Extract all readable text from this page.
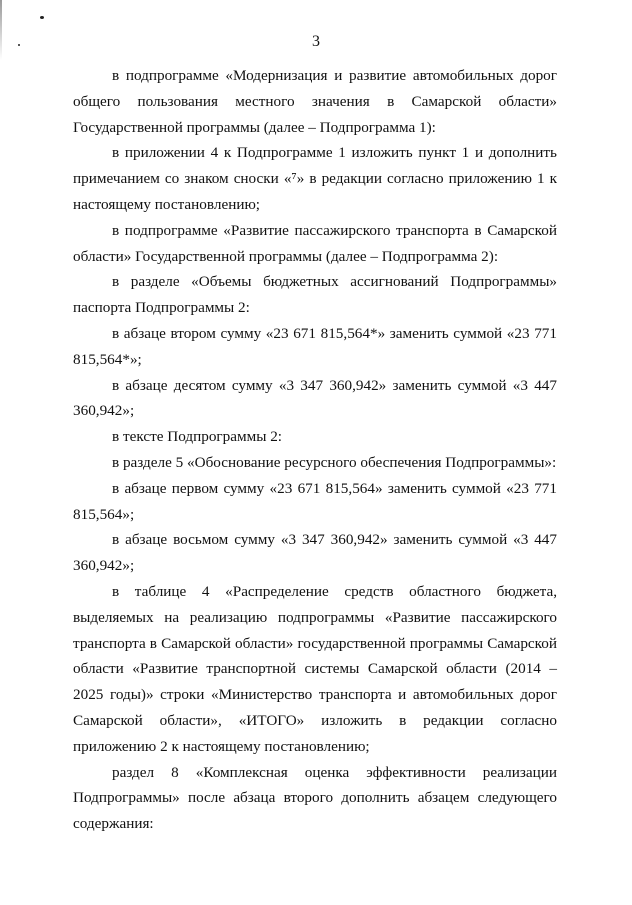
3

в подпрограмме «Модернизация и развитие автомобильных дорог общего пользования местного значения в Самарской области» Государственной программы (далее – Подпрограмма 1):

в приложении 4 к Подпрограмме 1 изложить пункт 1 и дополнить примечанием со знаком сноски «⁷» в редакции согласно приложению 1 к настоящему постановлению;

в подпрограмме «Развитие пассажирского транспорта в Самарской области» Государственной программы (далее – Подпрограмма 2):

в разделе «Объемы бюджетных ассигнований Подпрограммы» паспорта Подпрограммы 2:

в абзаце втором сумму «23 671 815,564*» заменить суммой «23 771 815,564*»;

в абзаце десятом сумму «3 347 360,942» заменить суммой «3 447 360,942»;

в тексте Подпрограммы 2:

в разделе 5 «Обоснование ресурсного обеспечения Подпрограммы»:

в абзаце первом сумму «23 671 815,564» заменить суммой «23 771 815,564»;

в абзаце восьмом сумму «3 347 360,942» заменить суммой «3 447 360,942»;

в таблице 4 «Распределение средств областного бюджета, выделяемых на реализацию подпрограммы «Развитие пассажирского транспорта в Самарской области» государственной программы Самарской области «Развитие транспортной системы Самарской области (2014 – 2025 годы)» строки «Министерство транспорта и автомобильных дорог Самарской области», «ИТОГО» изложить в редакции согласно приложению 2 к настоящему постановлению;

раздел 8 «Комплексная оценка эффективности реализации Подпрограммы» после абзаца второго дополнить абзацем следующего содержания:
